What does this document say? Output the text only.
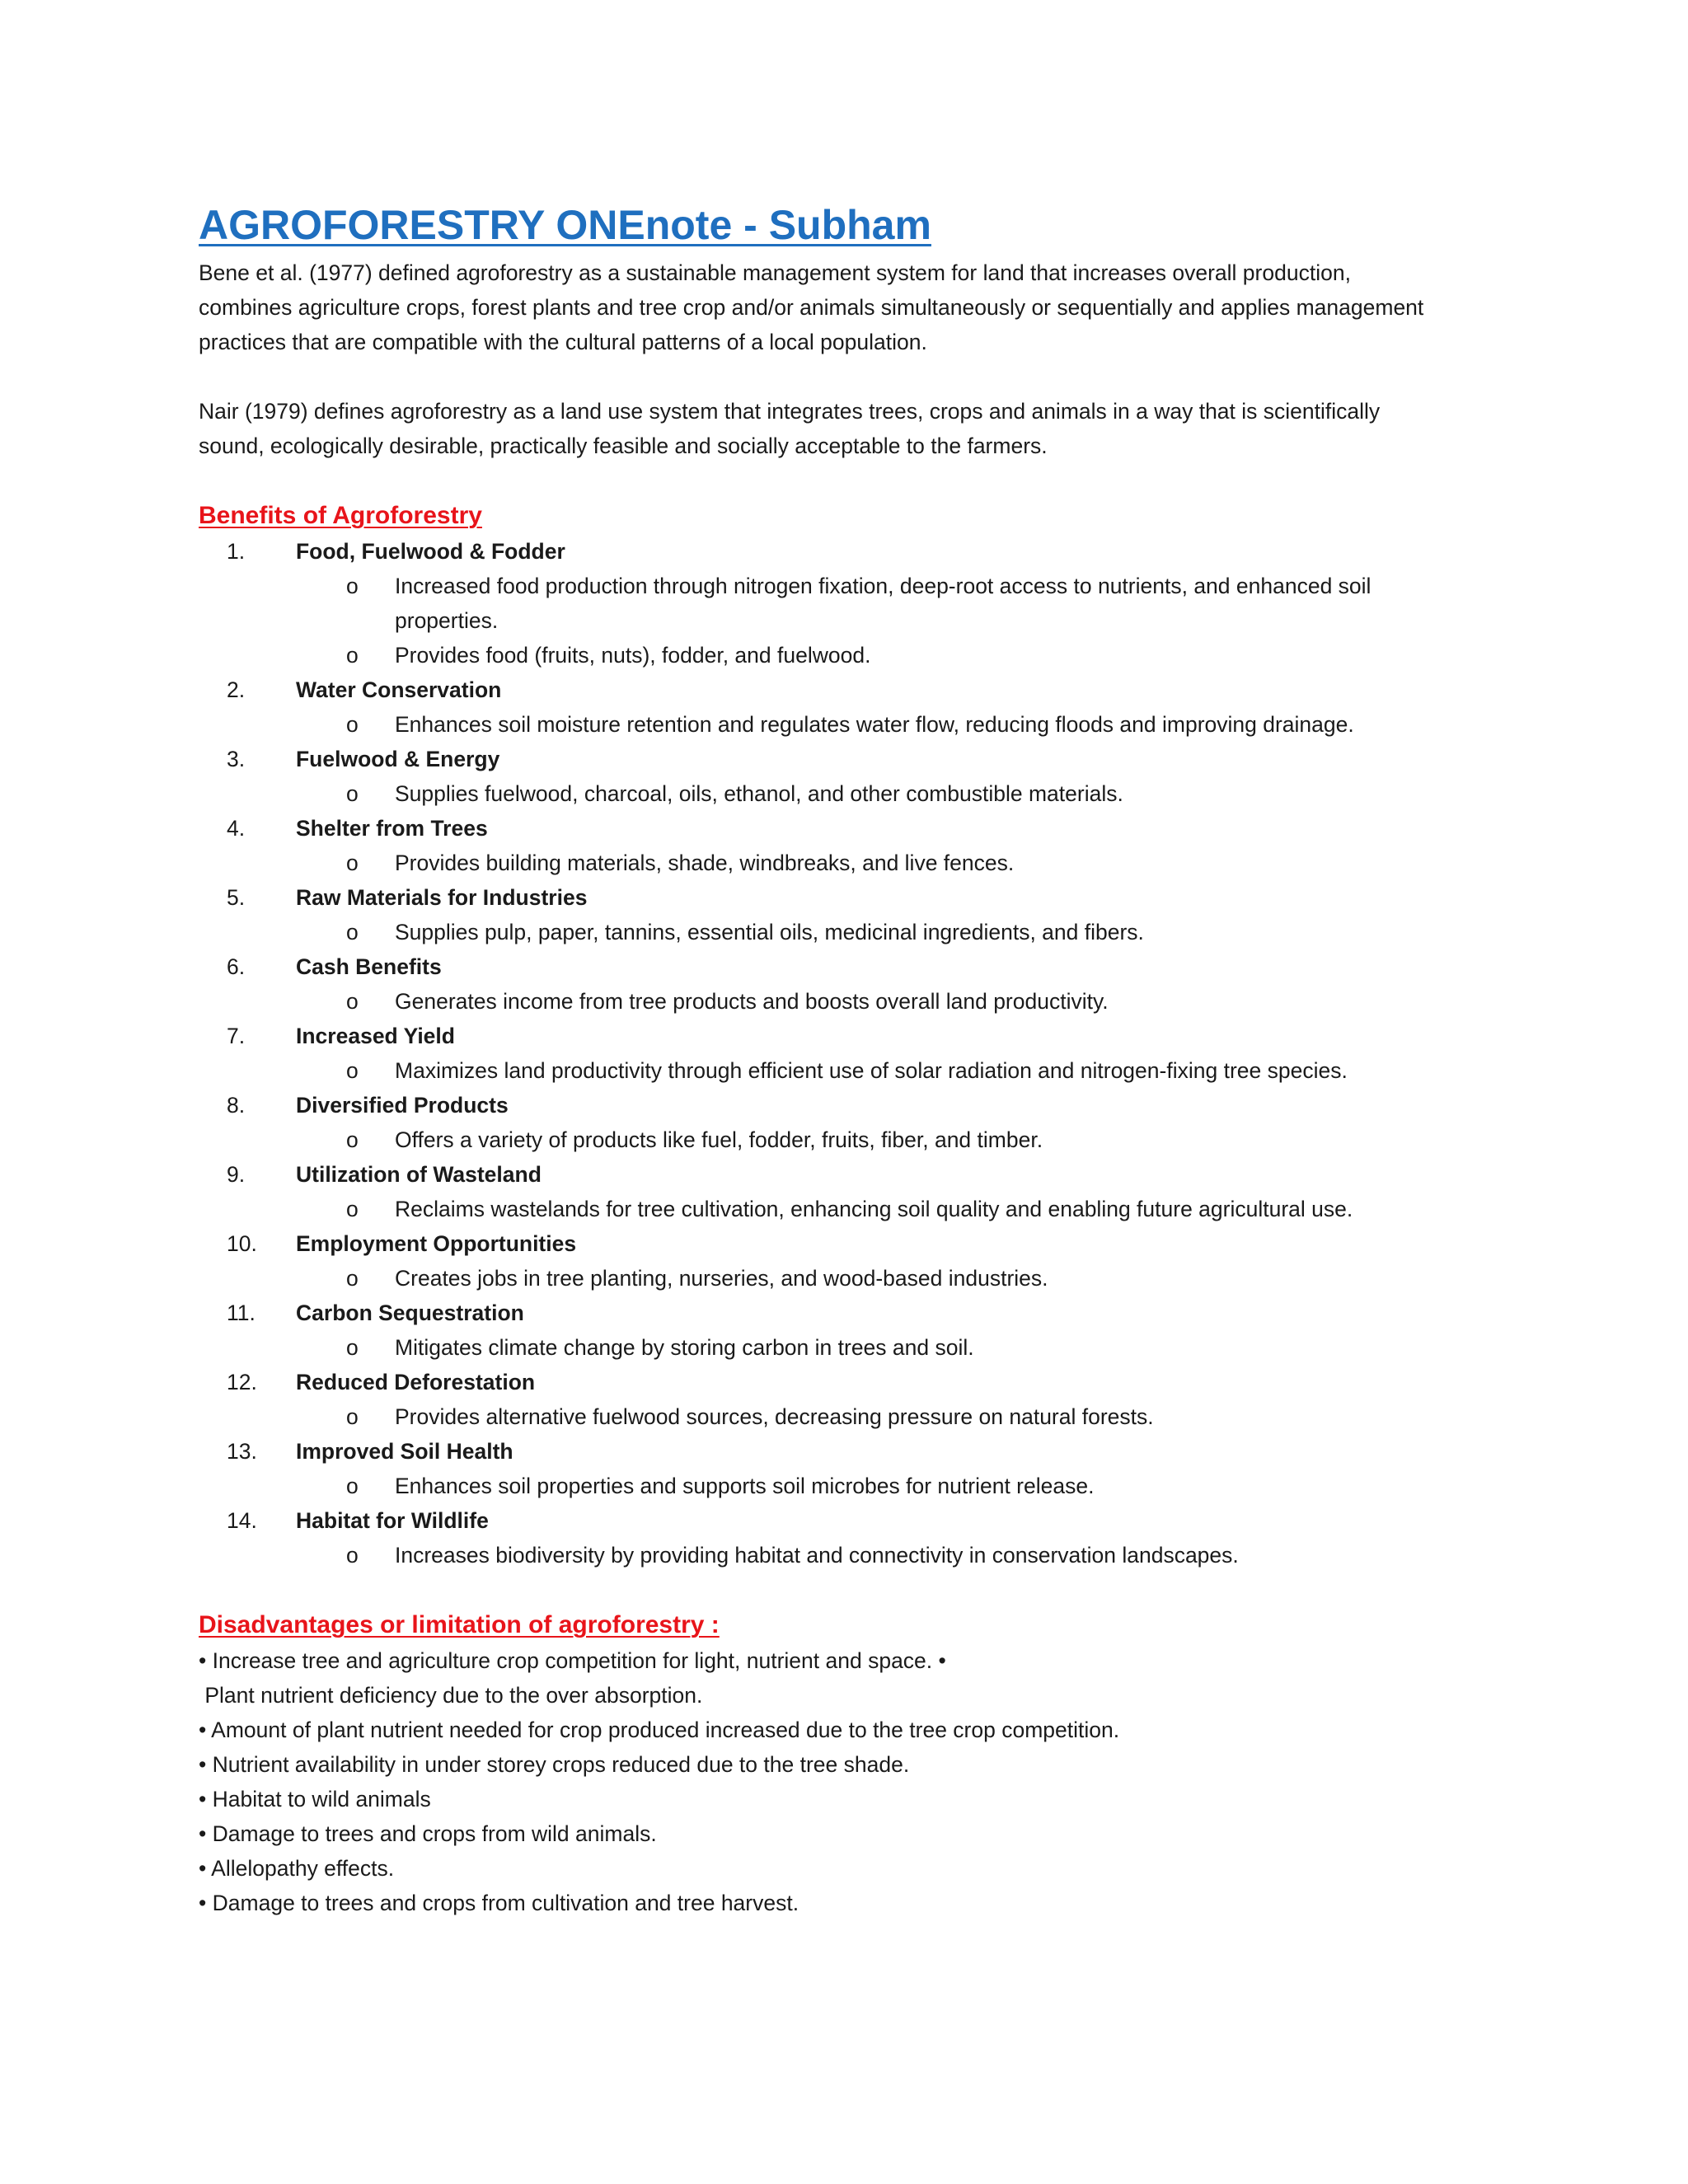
AGROFORESTRY ONEnote - Subham

Bene et al. (1977) defined agroforestry as a sustainable management system for land that increases overall production,
combines agriculture crops, forest plants and tree crop and/or animals simultaneously or sequentially and applies management
practices that are compatible with the cultural patterns of a local population.

Nair (1979) defines agroforestry as a land use system that integrates trees, crops and animals in a way that is scientifically
sound, ecologically desirable, practically feasible and socially acceptable to the farmers.

Benefits of Agroforestry
1.	Food, Fuelwood & Fodder
o	Increased food production through nitrogen fixation, deep-root access to nutrients, and enhanced soil
properties.
o	Provides food (fruits, nuts), fodder, and fuelwood.
2.	Water Conservation
o	Enhances soil moisture retention and regulates water flow, reducing floods and improving drainage.
3.	Fuelwood & Energy
o	Supplies fuelwood, charcoal, oils, ethanol, and other combustible materials.
4.	Shelter from Trees
o	Provides building materials, shade, windbreaks, and live fences.
5.	Raw Materials for Industries
o	Supplies pulp, paper, tannins, essential oils, medicinal ingredients, and fibers.
6.	Cash Benefits
o	Generates income from tree products and boosts overall land productivity.
7.	Increased Yield
o	Maximizes land productivity through efficient use of solar radiation and nitrogen-fixing tree species.
8.	Diversified Products
o	Offers a variety of products like fuel, fodder, fruits, fiber, and timber.
9.	Utilization of Wasteland
o	Reclaims wastelands for tree cultivation, enhancing soil quality and enabling future agricultural use.
10.	Employment Opportunities
o	Creates jobs in tree planting, nurseries, and wood-based industries.
11.	Carbon Sequestration
o	Mitigates climate change by storing carbon in trees and soil.
12.	Reduced Deforestation
o	Provides alternative fuelwood sources, decreasing pressure on natural forests.
13.	Improved Soil Health
o	Enhances soil properties and supports soil microbes for nutrient release.
14.	Habitat for Wildlife
o	Increases biodiversity by providing habitat and connectivity in conservation landscapes.
Disadvantages or limitation of agroforestry :
• Increase tree and agriculture crop competition for light, nutrient and space. •
Plant nutrient deficiency due to the over absorption.
• Amount of plant nutrient needed for crop produced increased due to the tree crop competition.
• Nutrient availability in under storey crops reduced due to the tree shade.
• Habitat to wild animals
• Damage to trees and crops from wild animals.
• Allelopathy effects.
• Damage to trees and crops from cultivation and tree harvest.
